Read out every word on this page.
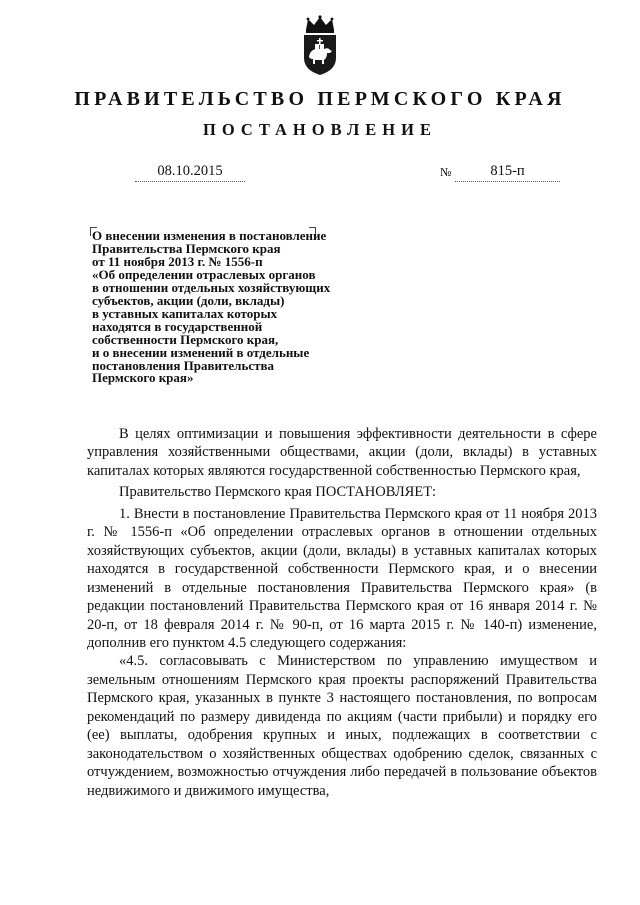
ПРАВИТЕЛЬСТВО ПЕРМСКОГО КРАЯ
ПОСТАНОВЛЕНИЕ
08.10.2015	№	815-п
О внесении изменения в постановление
Правительства Пермского края
от 11 ноября 2013 г. № 1556-п
«Об определении отраслевых органов
в отношении отдельных хозяйствующих
субъектов, акции (доли, вклады)
в уставных капиталах которых
находятся в государственной
собственности Пермского края,
и о внесении изменений в отдельные
постановления Правительства
Пермского края»

В целях оптимизации и повышения эффективности деятельности в сфере управления хозяйственными обществами, акции (доли, вклады) в уставных капиталах которых являются государственной собственностью Пермского края,

Правительство Пермского края ПОСТАНОВЛЯЕТ:

1. Внести в постановление Правительства Пермского края от 11 ноября 2013 г. № 1556-п «Об определении отраслевых органов в отношении отдельных хозяйствующих субъектов, акции (доли, вклады) в уставных капиталах которых находятся в государственной собственности Пермского края, и о внесении изменений в отдельные постановления Правительства Пермского края» (в редакции постановлений Правительства Пермского края от 16 января 2014 г. № 20-п, от 18 февраля 2014 г. № 90-п, от 16 марта 2015 г. № 140-п) изменение, дополнив его пунктом 4.5 следующего содержания:

«4.5. согласовывать с Министерством по управлению имуществом и земельным отношениям Пермского края проекты распоряжений Правительства Пермского края, указанных в пункте 3 настоящего постановления, по вопросам рекомендаций по размеру дивиденда по акциям (части прибыли) и порядку его (ее) выплаты, одобрения крупных и иных, подлежащих в соответствии с законодательством о хозяйственных обществах одобрению сделок, связанных с отчуждением, возможностью отчуждения либо передачей в пользование объектов недвижимого и движимого имущества,
